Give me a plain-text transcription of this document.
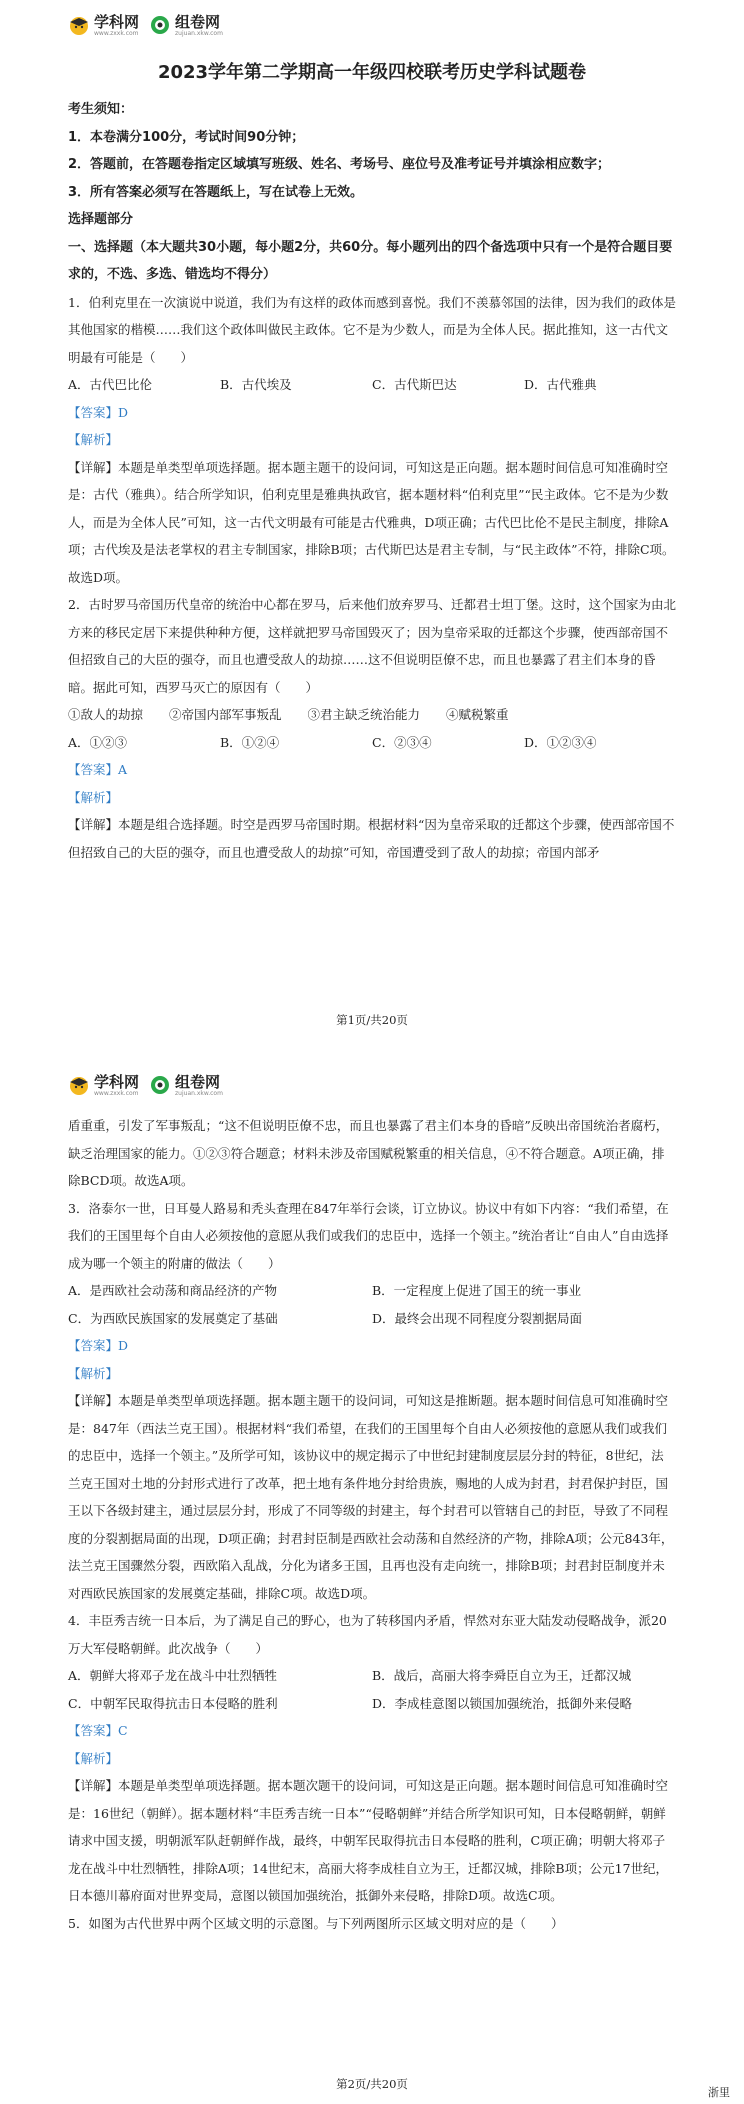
学科网
www.zxxk.com
组卷网
zujuan.xkw.com

2023学年第二学期高一年级四校联考历史学科试题卷

考生须知：

1．本卷满分100分，考试时间90分钟；

2．答题前，在答题卷指定区域填写班级、姓名、考场号、座位号及准考证号并填涂相应数字；

3．所有答案必须写在答题纸上，写在试卷上无效。

选择题部分

一、选择题（本大题共30小题，每小题2分，共60分。每小题列出的四个备选项中只有一个是符合题目要求的，不选、多选、错选均不得分）

1．伯利克里在一次演说中说道，我们为有这样的政体而感到喜悦。我们不羡慕邻国的法律，因为我们的政体是其他国家的楷模……我们这个政体叫做民主政体。它不是为少数人，而是为全体人民。据此推知，这一古代文明最有可能是（　　）

A．古代巴比伦	B．古代埃及	C．古代斯巴达	D．古代雅典

【答案】D

【解析】

【详解】本题是单类型单项选择题。据本题主题干的设问词，可知这是正向题。据本题时间信息可知准确时空是：古代（雅典）。结合所学知识，伯利克里是雅典执政官，据本题材料“伯利克里”“民主政体。它不是为少数人，而是为全体人民”可知，这一古代文明最有可能是古代雅典，D项正确；古代巴比伦不是民主制度，排除A项；古代埃及是法老掌权的君主专制国家，排除B项；古代斯巴达是君主专制，与“民主政体”不符，排除C项。故选D项。

2．古时罗马帝国历代皇帝的统治中心都在罗马，后来他们放弃罗马、迁都君士坦丁堡。这时，这个国家为由北方来的移民定居下来提供种种方便，这样就把罗马帝国毁灭了；因为皇帝采取的迁都这个步骤，使西部帝国不但招致自己的大臣的强夺，而且也遭受敌人的劫掠……这不但说明臣僚不忠，而且也暴露了君主们本身的昏暗。据此可知，西罗马灭亡的原因有（　　）

①敌人的劫掠 ②帝国内部军事叛乱 ③君主缺乏统治能力 ④赋税繁重
A．①②③	B．①②④	C．②③④	D．①②③④

【答案】A

【解析】

【详解】本题是组合选择题。时空是西罗马帝国时期。根据材料“因为皇帝采取的迁都这个步骤，使西部帝国不但招致自己的大臣的强夺，而且也遭受敌人的劫掠”可知，帝国遭受到了敌人的劫掠；帝国内部矛

第1页/共20页
学科网
www.zxxk.com
组卷网
zujuan.xkw.com

盾重重，引发了军事叛乱；“这不但说明臣僚不忠，而且也暴露了君主们本身的昏暗”反映出帝国统治者腐朽，缺乏治理国家的能力。①②③符合题意；材料未涉及帝国赋税繁重的相关信息，④不符合题意。A项正确，排除BCD项。故选A项。

3．洛泰尔一世，日耳曼人路易和秃头查理在847年举行会谈，订立协议。协议中有如下内容：“我们希望，在我们的王国里每个自由人必须按他的意愿从我们或我们的忠臣中，选择一个领主。”统治者让“自由人”自由选择成为哪一个领主的附庸的做法（　　）

A．是西欧社会动荡和商品经济的产物	B．一定程度上促进了国王的统一事业
C．为西欧民族国家的发展奠定了基础	D．最终会出现不同程度分裂割据局面

【答案】D

【解析】

【详解】本题是单类型单项选择题。据本题主题干的设问词，可知这是推断题。据本题时间信息可知准确时空是：847年（西法兰克王国）。根据材料“我们希望，在我们的王国里每个自由人必须按他的意愿从我们或我们的忠臣中，选择一个领主。”及所学可知，该协议中的规定揭示了中世纪封建制度层层分封的特征，8世纪，法兰克王国对土地的分封形式进行了改革，把土地有条件地分封给贵族，赐地的人成为封君，封君保护封臣，国王以下各级封建主，通过层层分封，形成了不同等级的封建主，每个封君可以管辖自己的封臣，导致了不同程度的分裂割据局面的出现，D项正确；封君封臣制是西欧社会动荡和自然经济的产物，排除A项；公元843年，法兰克王国骤然分裂，西欧陷入乱战，分化为诸多王国，且再也没有走向统一，排除B项；封君封臣制度并未对西欧民族国家的发展奠定基础，排除C项。故选D项。

4．丰臣秀吉统一日本后，为了满足自己的野心，也为了转移国内矛盾，悍然对东亚大陆发动侵略战争，派20万大军侵略朝鲜。此次战争（　　）

A．朝鲜大将邓子龙在战斗中壮烈牺牲	B．战后，高丽大将李舜臣自立为王，迁都汉城
C．中朝军民取得抗击日本侵略的胜利	D．李成桂意图以锁国加强统治，抵御外来侵略

【答案】C

【解析】

【详解】本题是单类型单项选择题。据本题次题干的设问词，可知这是正向题。据本题时间信息可知准确时空是：16世纪（朝鲜）。据本题材料“丰臣秀吉统一日本”“侵略朝鲜”并结合所学知识可知，日本侵略朝鲜，朝鲜请求中国支援，明朝派军队赶朝鲜作战，最终，中朝军民取得抗击日本侵略的胜利，C项正确；明朝大将邓子龙在战斗中壮烈牺牲，排除A项；14世纪末，高丽大将李成桂自立为王，迁都汉城，排除B项；公元17世纪，日本德川幕府面对世界变局，意图以锁国加强统治，抵御外来侵略，排除D项。故选C项。

5．如图为古代世界中两个区域文明的示意图。与下列两图所示区域文明对应的是（　　）

第2页/共20页
浙里
